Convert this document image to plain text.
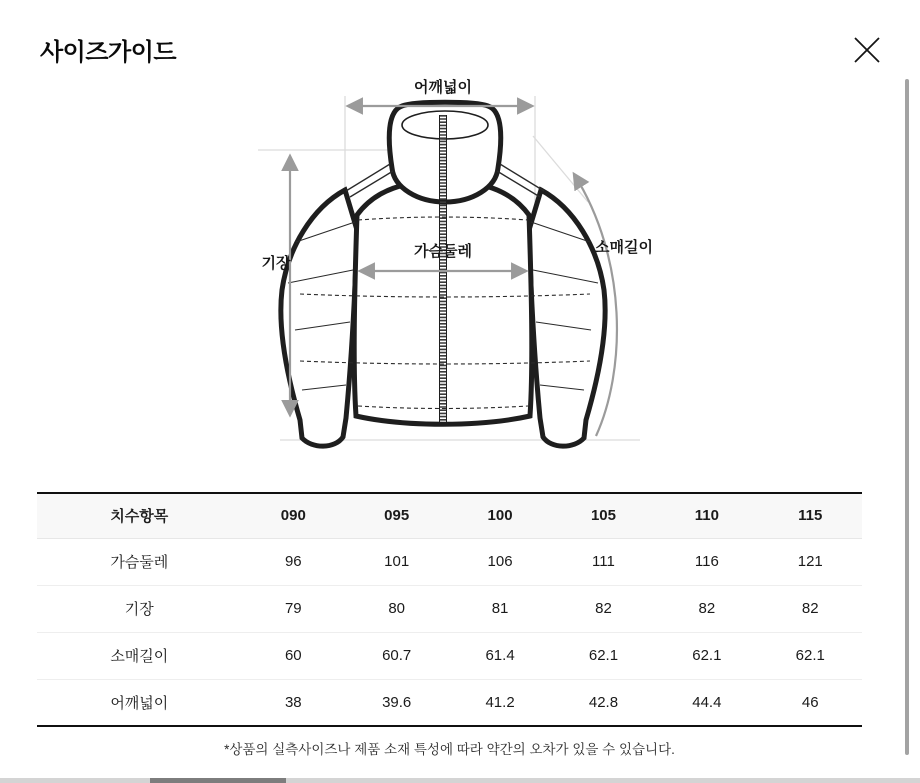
사이즈가이드
어깨넓이
기장
가슴둘레	소매길이
치수항목	090	095	100	105	110	115
가슴둘레	96	101	106	111	116	121
기장	79	80	81	82	82	82
소매길이	60	60.7	61.4	62.1	62.1	62.1
어깨넓이	38	39.6	41.2	42.8	44.4	46

*상품의 실측사이즈나 제품 소재 특성에 따라 약간의 오차가 있을 수 있습니다.
